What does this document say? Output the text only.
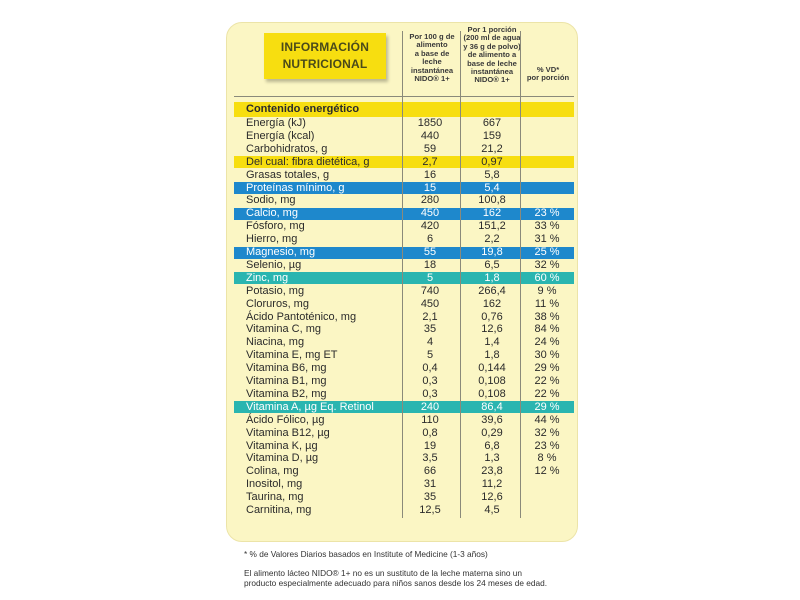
INFORMACIÓN
NUTRICIONAL
Por 100 g de
alimento
a base de leche
instantánea
NIDO® 1+
Por 1 porción
(200 ml de agua
y 36 g de polvo)
de alimento a
base de leche
instantánea
NIDO® 1+
% VD*
por porción
Contenido energético
Energía (kJ)	1850	667
Energía (kcal)	440	159
Carbohidratos, g	59	21,2
Del cual: fibra dietética, g	2,7	0,97
Grasas totales, g	16	5,8
Proteínas mínimo, g	15	5,4
Sodio, mg	280	100,8
Calcio, mg	450	162	23 %
Fósforo, mg	420	151,2	33 %
Hierro, mg	6	2,2	31 %
Magnesio, mg	55	19,8	25 %
Selenio, µg	18	6,5	32 %
Zinc, mg	5	1,8	60 %
Potasio, mg	740	266,4	9 %
Cloruros, mg	450	162	11 %
Ácido Pantoténico, mg	2,1	0,76	38 %
Vitamina C, mg	35	12,6	84 %
Niacina, mg	4	1,4	24 %
Vitamina E, mg ET	5	1,8	30 %
Vitamina B6, mg	0,4	0,144	29 %
Vitamina B1, mg	0,3	0,108	22 %
Vitamina B2, mg	0,3	0,108	22 %
Vitamina A, µg Eq. Retinol	240	86,4	29 %
Ácido Fólico, µg	110	39,6	44 %
Vitamina B12, µg	0,8	0,29	32 %
Vitamina K, µg	19	6,8	23 %
Vitamina D, µg	3,5	1,3	8 %
Colina, mg	66	23,8	12 %
Inositol, mg	31	11,2
Taurina, mg	35	12,6
Carnitina, mg	12,5	4,5
* % de Valores Diarios basados en Institute of Medicine (1-3 años)
El alimento lácteo NIDO® 1+ no es un sustituto de la leche materna sino un
producto especialmente adecuado para niños sanos desde los 24 meses de edad.
